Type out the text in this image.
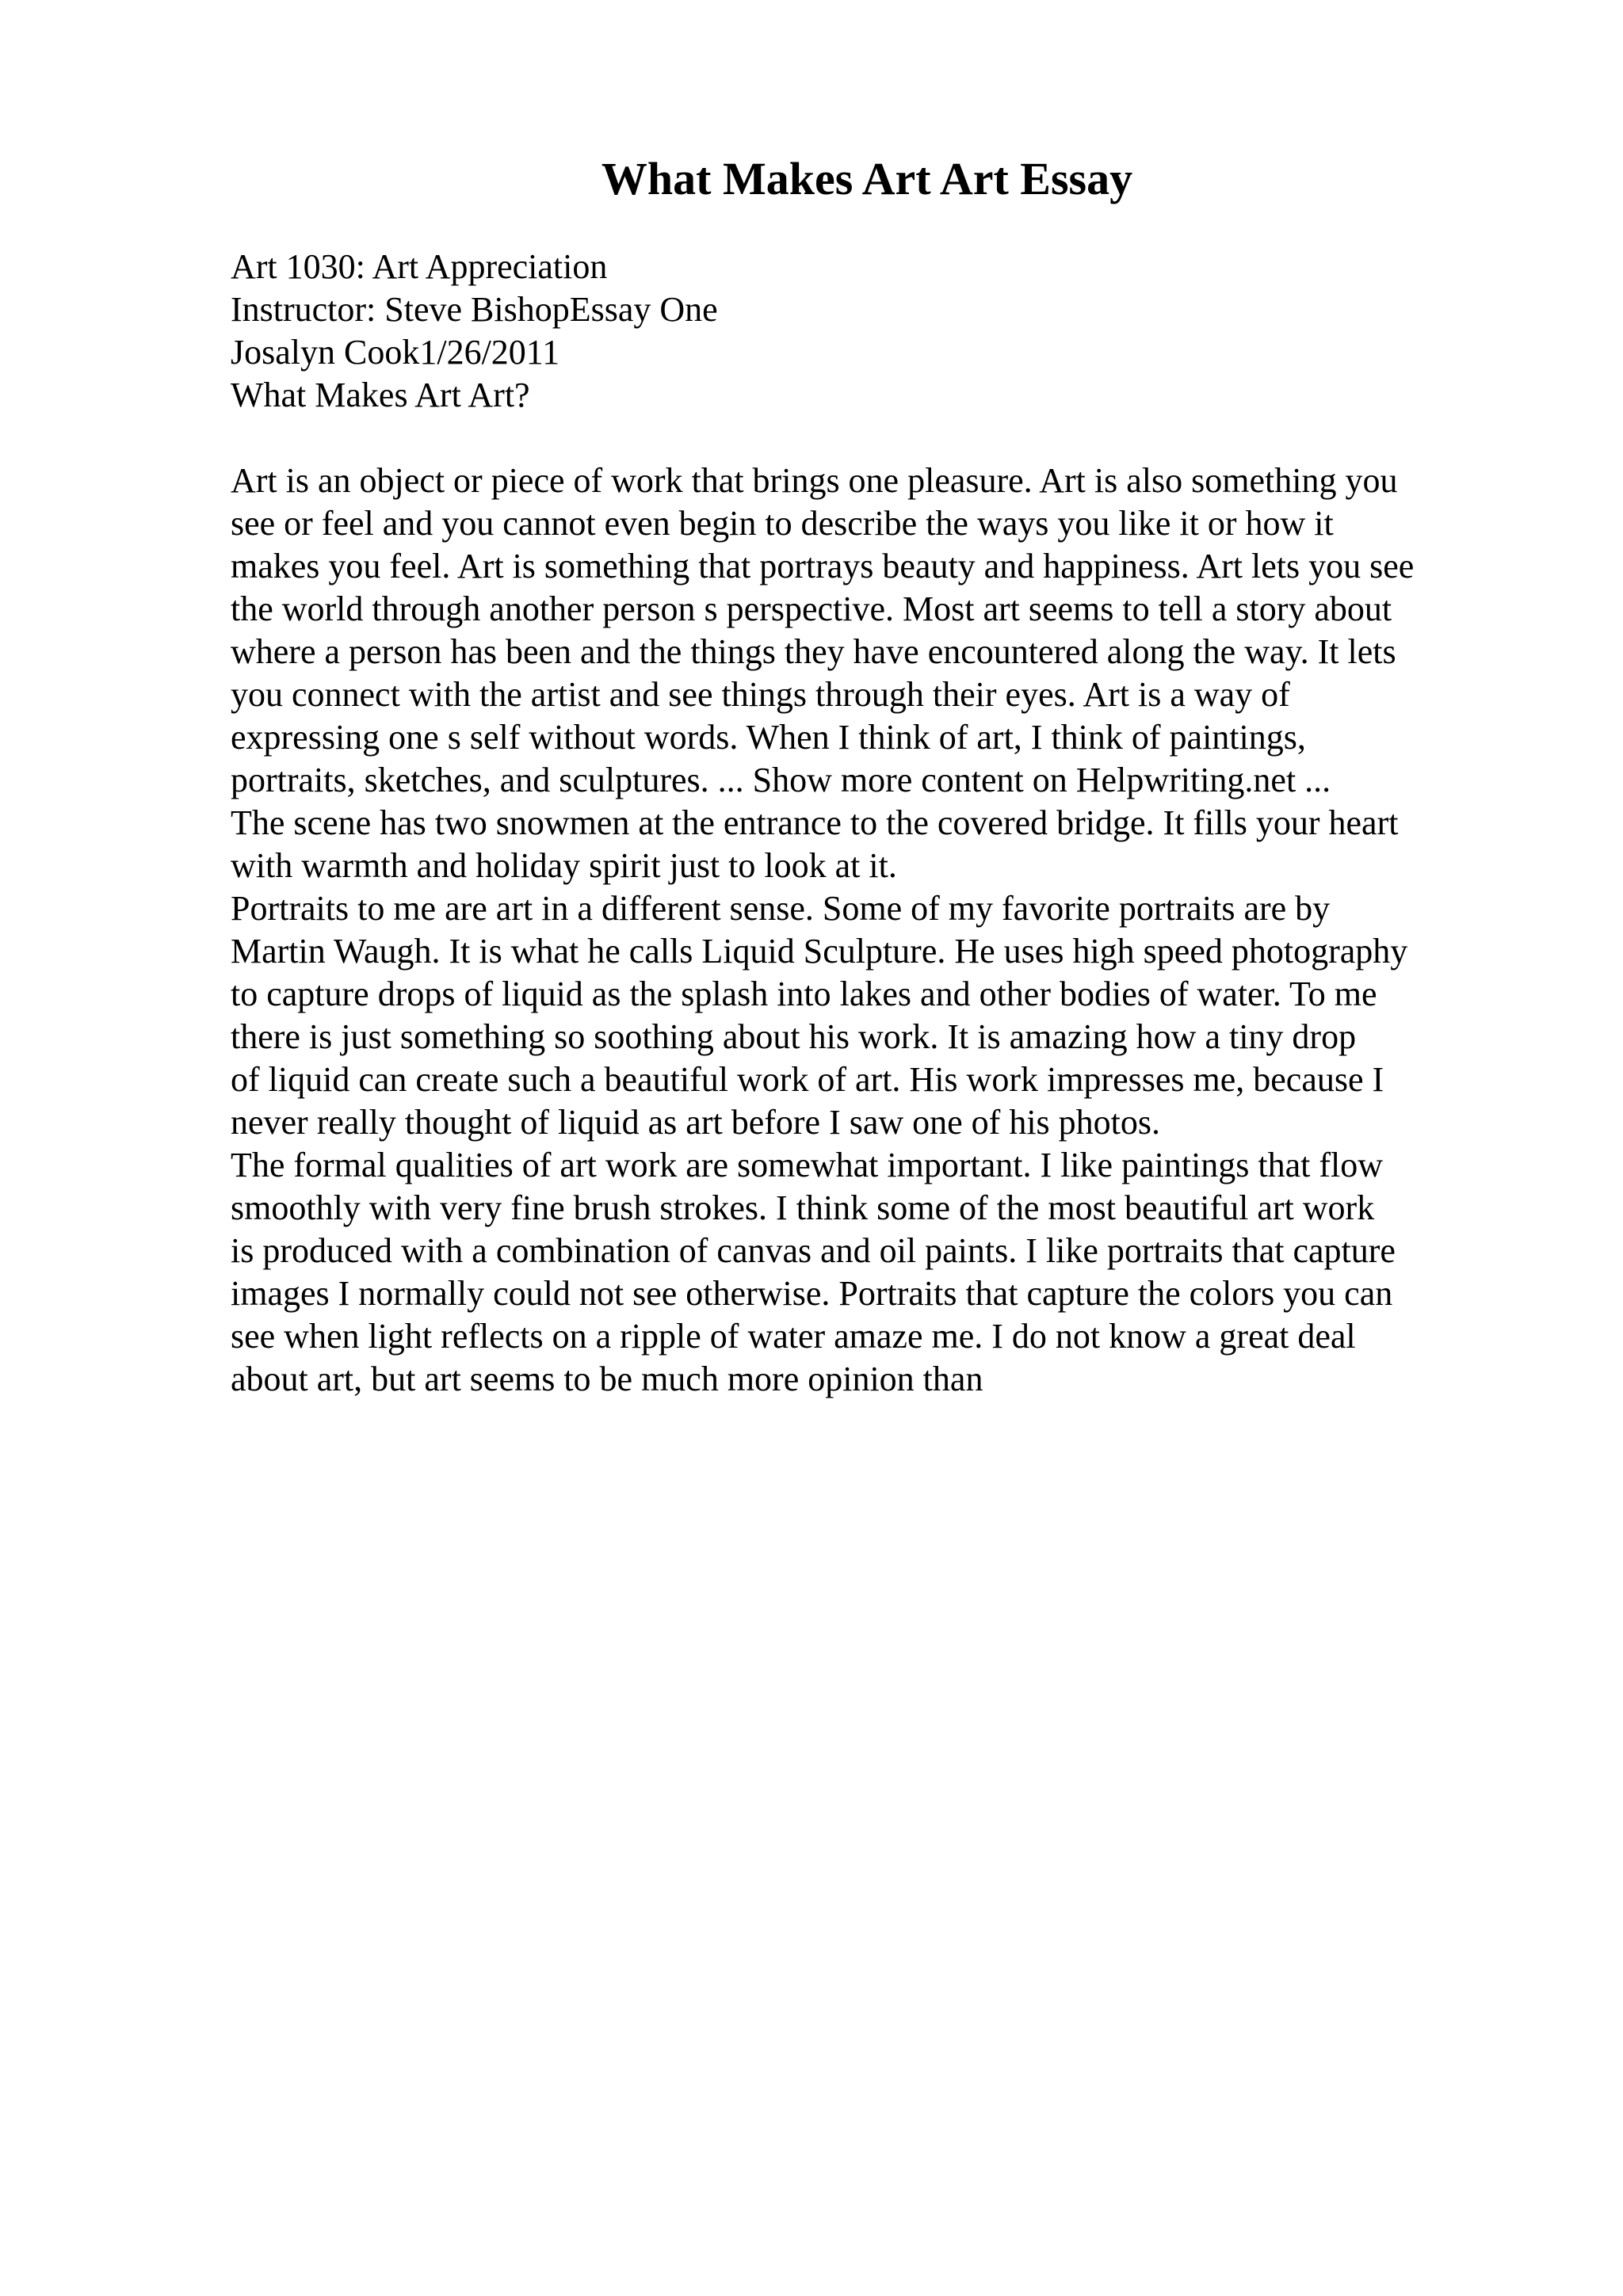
What Makes Art Art Essay
Art 1030: Art Appreciation
Instructor: Steve BishopEssay One
Josalyn Cook1/26/2011
What Makes Art Art?
Art is an object or piece of work that brings one pleasure. Art is also something you
see or feel and you cannot even begin to describe the ways you like it or how it
makes you feel. Art is something that portrays beauty and happiness. Art lets you see
the world through another person s perspective. Most art seems to tell a story about
where a person has been and the things they have encountered along the way. It lets
you connect with the artist and see things through their eyes. Art is a way of
expressing one s self without words. When I think of art, I think of paintings,
portraits, sketches, and sculptures. ... Show more content on Helpwriting.net ...
The scene has two snowmen at the entrance to the covered bridge. It fills your heart
with warmth and holiday spirit just to look at it.
Portraits to me are art in a different sense. Some of my favorite portraits are by
Martin Waugh. It is what he calls Liquid Sculpture. He uses high speed photography
to capture drops of liquid as the splash into lakes and other bodies of water. To me
there is just something so soothing about his work. It is amazing how a tiny drop
of liquid can create such a beautiful work of art. His work impresses me, because I
never really thought of liquid as art before I saw one of his photos.
The formal qualities of art work are somewhat important. I like paintings that flow
smoothly with very fine brush strokes. I think some of the most beautiful art work
is produced with a combination of canvas and oil paints. I like portraits that capture
images I normally could not see otherwise. Portraits that capture the colors you can
see when light reflects on a ripple of water amaze me. I do not know a great deal
about art, but art seems to be much more opinion than
